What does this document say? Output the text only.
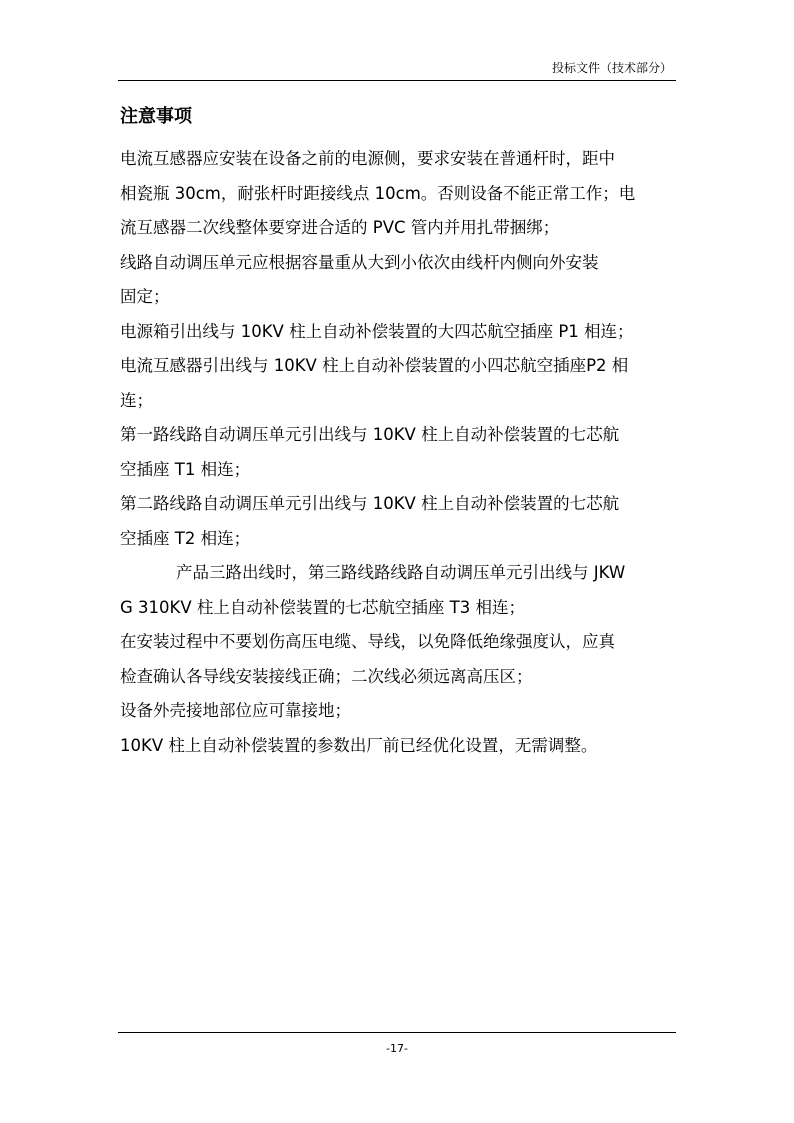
投标文件（技术部分）
注意事项
电流互感器应安装在设备之前的电源侧，要求安装在普通杆时，距中
相瓷瓶 30cm，耐张杆时距接线点 10cm。否则设备不能正常工作；电
流互感器二次线整体要穿进合适的 PVC 管内并用扎带捆绑；
线路自动调压单元应根据容量重从大到小依次由线杆内侧向外安装
固定；
电源箱引出线与 10KV 柱上自动补偿装置的大四芯航空插座 P1 相连；
电流互感器引出线与 10KV 柱上自动补偿装置的小四芯航空插座P2 相
连；
第一路线路自动调压单元引出线与 10KV 柱上自动补偿装置的七芯航
空插座 T1 相连；
第二路线路自动调压单元引出线与 10KV 柱上自动补偿装置的七芯航
空插座 T2 相连；
产品三路出线时，第三路线路线路自动调压单元引出线与 JKW
G 310KV 柱上自动补偿装置的七芯航空插座 T3 相连；
在安装过程中不要划伤高压电缆、导线，以免降低绝缘强度认，应真
检查确认各导线安装接线正确；二次线必须远离高压区；
设备外壳接地部位应可靠接地；
10KV 柱上自动补偿装置的参数出厂前已经优化设置，无需调整。
-17-
